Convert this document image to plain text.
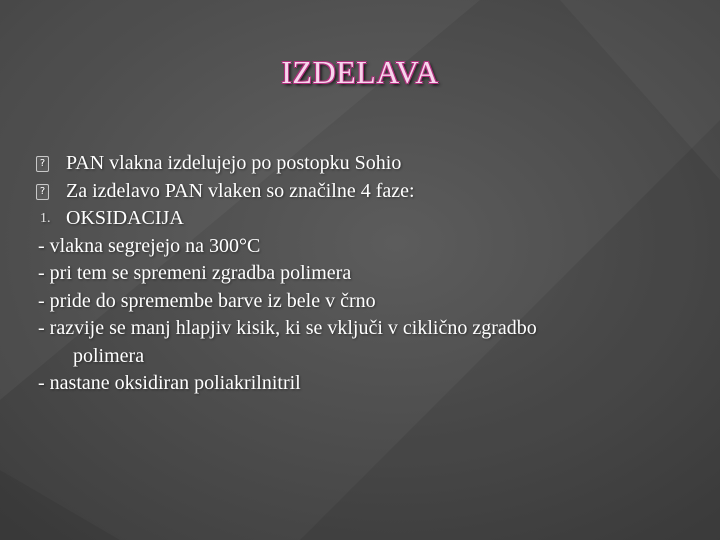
IZDELAVA
? PAN vlakna izdelujejo po postopku Sohio
? Za izdelavo PAN vlaken so značilne 4 faze:
1. OKSIDACIJA
- vlakna segrejejo na 300°C
- pri tem se spremeni zgradba polimera
- pride do spremembe barve iz bele v črno
- razvije se manj hlapjiv kisik, ki se vključi v ciklično zgradbo
polimera
- nastane oksidiran poliakrilnitril
